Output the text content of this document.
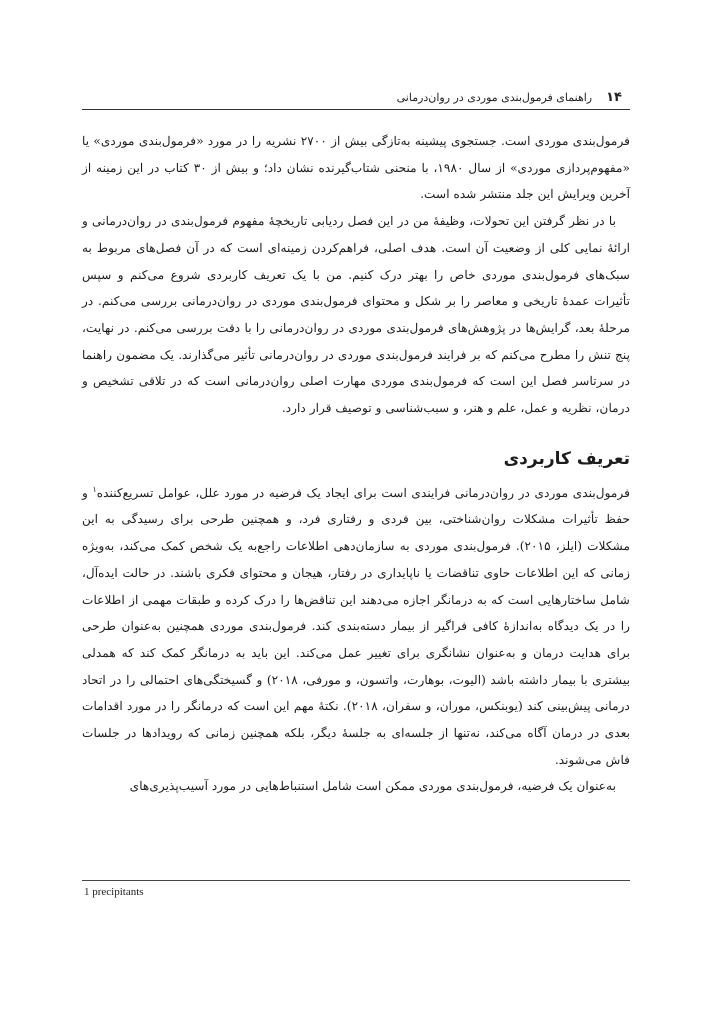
۱۴
راهنمای فرمول‌بندی موردی در روان‌درمانی

فرمول‌بندی موردی است. جستجوی پیشینه به‌تازگی بیش از ۲۷۰۰ نشریه را در مورد «فرمول‌بندی موردی» یا «مفهوم‌پردازی موردی» از سال ۱۹۸۰، با منحنی شتاب‌گیرنده نشان داد؛ و بیش از ۳۰ کتاب در این زمینه از آخرین ویرایش این جلد منتشر شده است.

با در نظر گرفتن این تحولات، وظیفهٔ من در این فصل ردیابی تاریخچهٔ مفهوم فرمول‌بندی در روان‌درمانی و ارائهٔ نمایی کلی از وضعیت آن است. هدف اصلی، فراهم‌کردن زمینه‌ای است که در آن فصل‌های مربوط به سبک‌های فرمول‌بندی موردی خاص را بهتر درک کنیم. من با یک تعریف کاربردی شروع می‌کنم و سپس تأثیرات عمدهٔ تاریخی و معاصر را بر شکل و محتوای فرمول‌بندی موردی در روان‌درمانی بررسی می‌کنم. در مرحلهٔ بعد، گرایش‌ها در پژوهش‌های فرمول‌بندی موردی در روان‌درمانی را با دقت بررسی می‌کنم. در نهایت، پنج تنش را مطرح می‌کنم که بر فرایند فرمول‌بندی موردی در روان‌درمانی تأثیر می‌گذارند. یک مضمون راهنما در سرتاسر فصل این است که فرمول‌بندی موردی مهارت اصلی روان‌درمانی است که در تلاقی تشخیص و درمان، نظریه و عمل، علم و هنر، و سبب‌شناسی و توصیف قرار دارد.

تعریف کاربردی

فرمول‌بندی موردی در روان‌درمانی فرایندی است برای ایجاد یک فرضیه در مورد علل، عوامل تسریع‌کننده$^۱$ و حفظ تأثیرات مشکلات روان‌شناختی، بین فردی و رفتاری فرد، و همچنین طرحی برای رسیدگی به این مشکلات (ایلز، ۲۰۱۵). فرمول‌بندی موردی به سازمان‌دهی اطلاعات راجع‌به یک شخص کمک می‌کند، به‌ویژه زمانی که این اطلاعات حاوی تناقضات یا ناپایداری در رفتار، هیجان و محتوای فکری باشند. در حالت ایده‌آل، شامل ساختارهایی است که به درمانگر اجازه می‌دهند این تناقض‌ها را درک کرده و طبقات مهمی از اطلاعات را در یک دیدگاه به‌اندازهٔ کافی فراگیر از بیمار دسته‌بندی کند. فرمول‌بندی موردی همچنین به‌عنوان طرحی برای هدایت درمان و به‌عنوان نشانگری برای تغییر عمل می‌کند. این باید به درمانگر کمک کند که همدلی بیشتری با بیمار داشته باشد (الیوت، بوهارت، واتسون، و مورفی، ۲۰۱۸) و گسیختگی‌های احتمالی را در اتحاد درمانی پیش‌بینی کند (یوبنکس، موران، و سفران، ۲۰۱۸). نکتهٔ مهم این است که درمانگر را در مورد اقدامات بعدی در درمان آگاه می‌کند، نه‌تنها از جلسه‌ای به جلسهٔ دیگر، بلکه همچنین زمانی که رویدادها در جلسات فاش می‌شوند.

به‌عنوان یک فرضیه، فرمول‌بندی موردی ممکن است شامل استنباط‌هایی در مورد آسیب‌پذیری‌های

1 precipitants
